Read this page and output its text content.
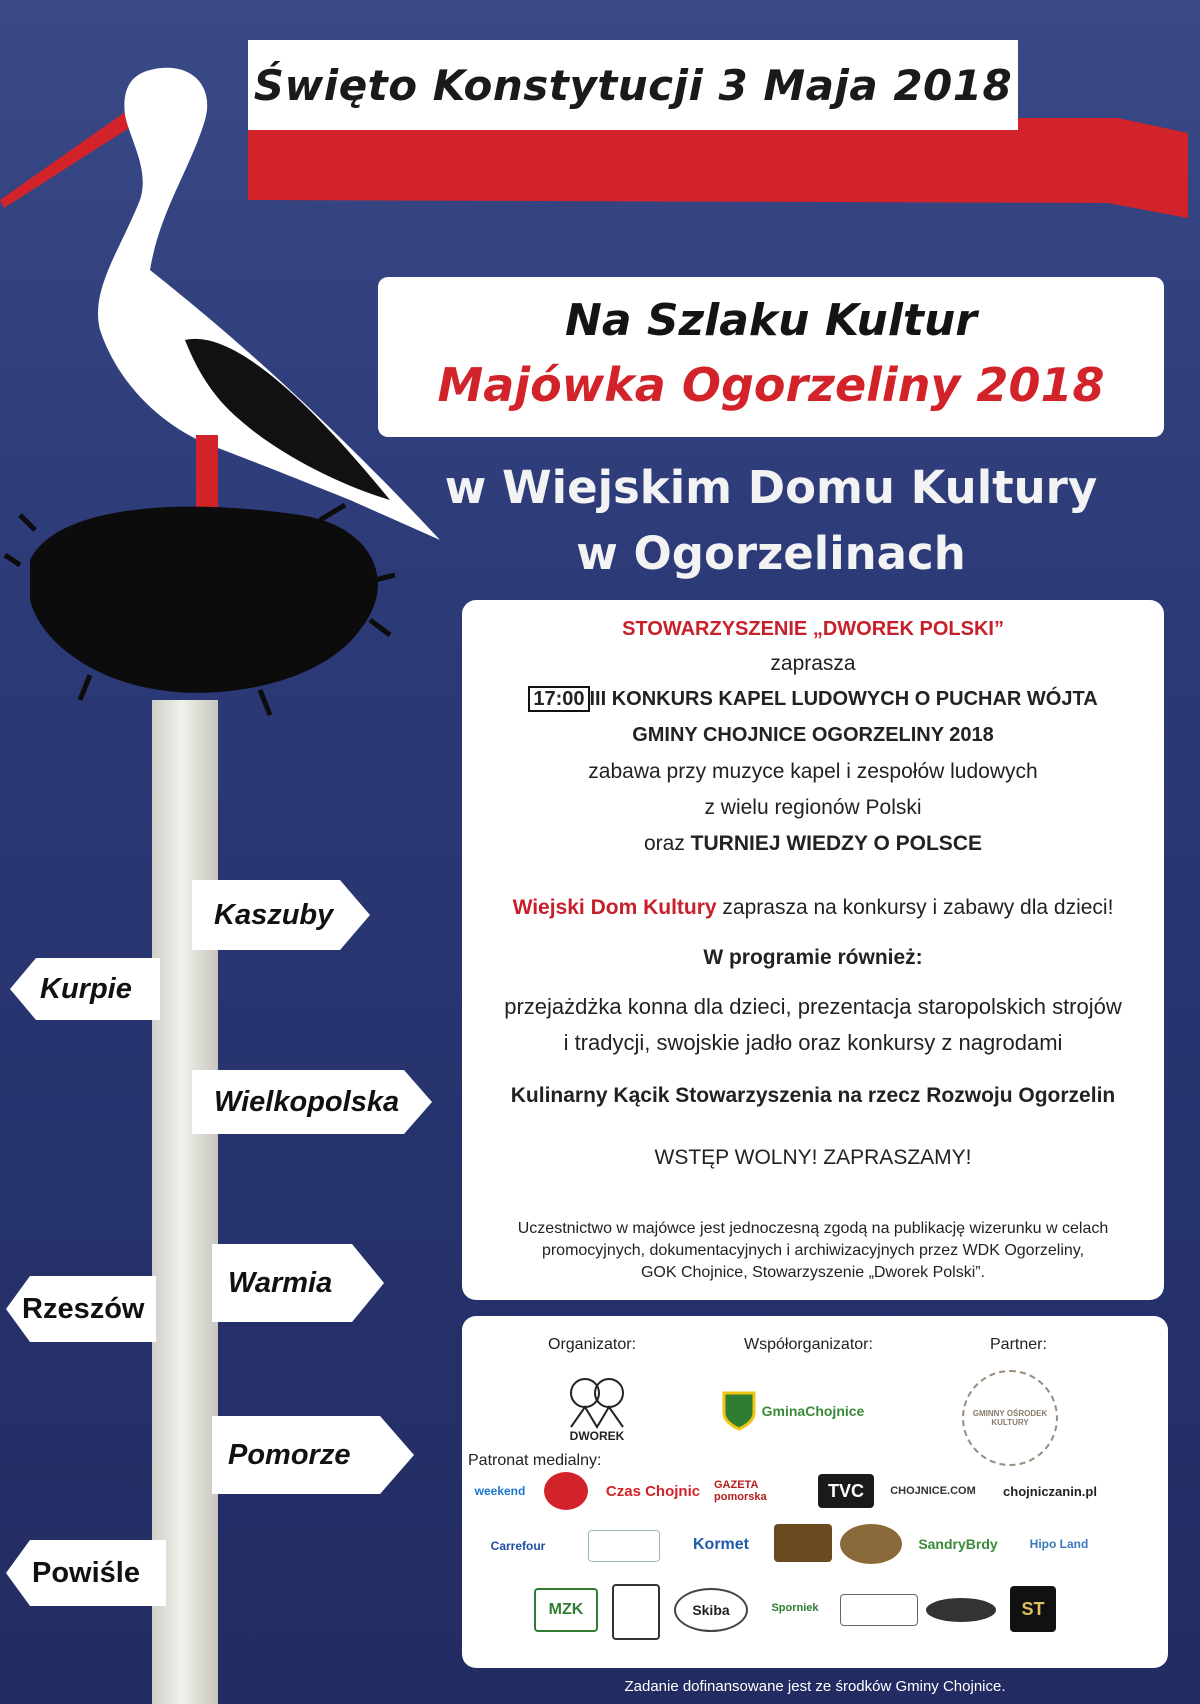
Święto Konstytucji 3 Maja 2018
Na Szlaku Kultur
Majówka Ogorzeliny 2018
w Wiejskim Domu Kultury
w Ogorzelinach
STOWARZYSZENIE „DWOREK POLSKI”
zaprasza
17:00 III KONKURS KAPEL LUDOWYCH O PUCHAR WÓJTA
GMINY CHOJNICE OGORZELINY 2018
zabawa przy muzyce kapel i zespołów ludowych
z wielu regionów Polski
oraz TURNIEJ WIEDZY O POLSCE
Wiejski Dom Kultury zaprasza na konkursy i zabawy dla dzieci!
W programie również:
przejażdżka konna dla dzieci, prezentacja staropolskich strojów
i tradycji, swojskie jadło oraz konkursy z nagrodami
Kulinarny Kącik Stowarzyszenia na rzecz Rozwoju Ogorzelin
WSTĘP WOLNY! ZAPRASZAMY!
Uczestnictwo w majówce jest jednoczesną zgodą na publikację wizerunku w celach
promocyjnych, dokumentacyjnych i archiwizacyjnych przez WDK Ogorzeliny,
GOK Chojnice, Stowarzyszenie „Dworek Polski”.
Organizator:	Współorganizator:	Partner:
DWOREK
GminaChojnice	GMINNY OŚRODEK KULTURY
Patronat medialny:
weekend	Czas Chojnic	GAZETA pomorska	TVC	CHOJNICE.COM	chojniczanin.pl
Carrefour	Kormet	SandryBrdy	Hipo Land
MZK	Skiba	Sporniek	ST
Zadanie dofinansowane jest ze środków Gminy Chojnice.
Kaszuby
Kurpie
Wielkopolska
Rzeszów
Warmia
Pomorze
Powiśle
